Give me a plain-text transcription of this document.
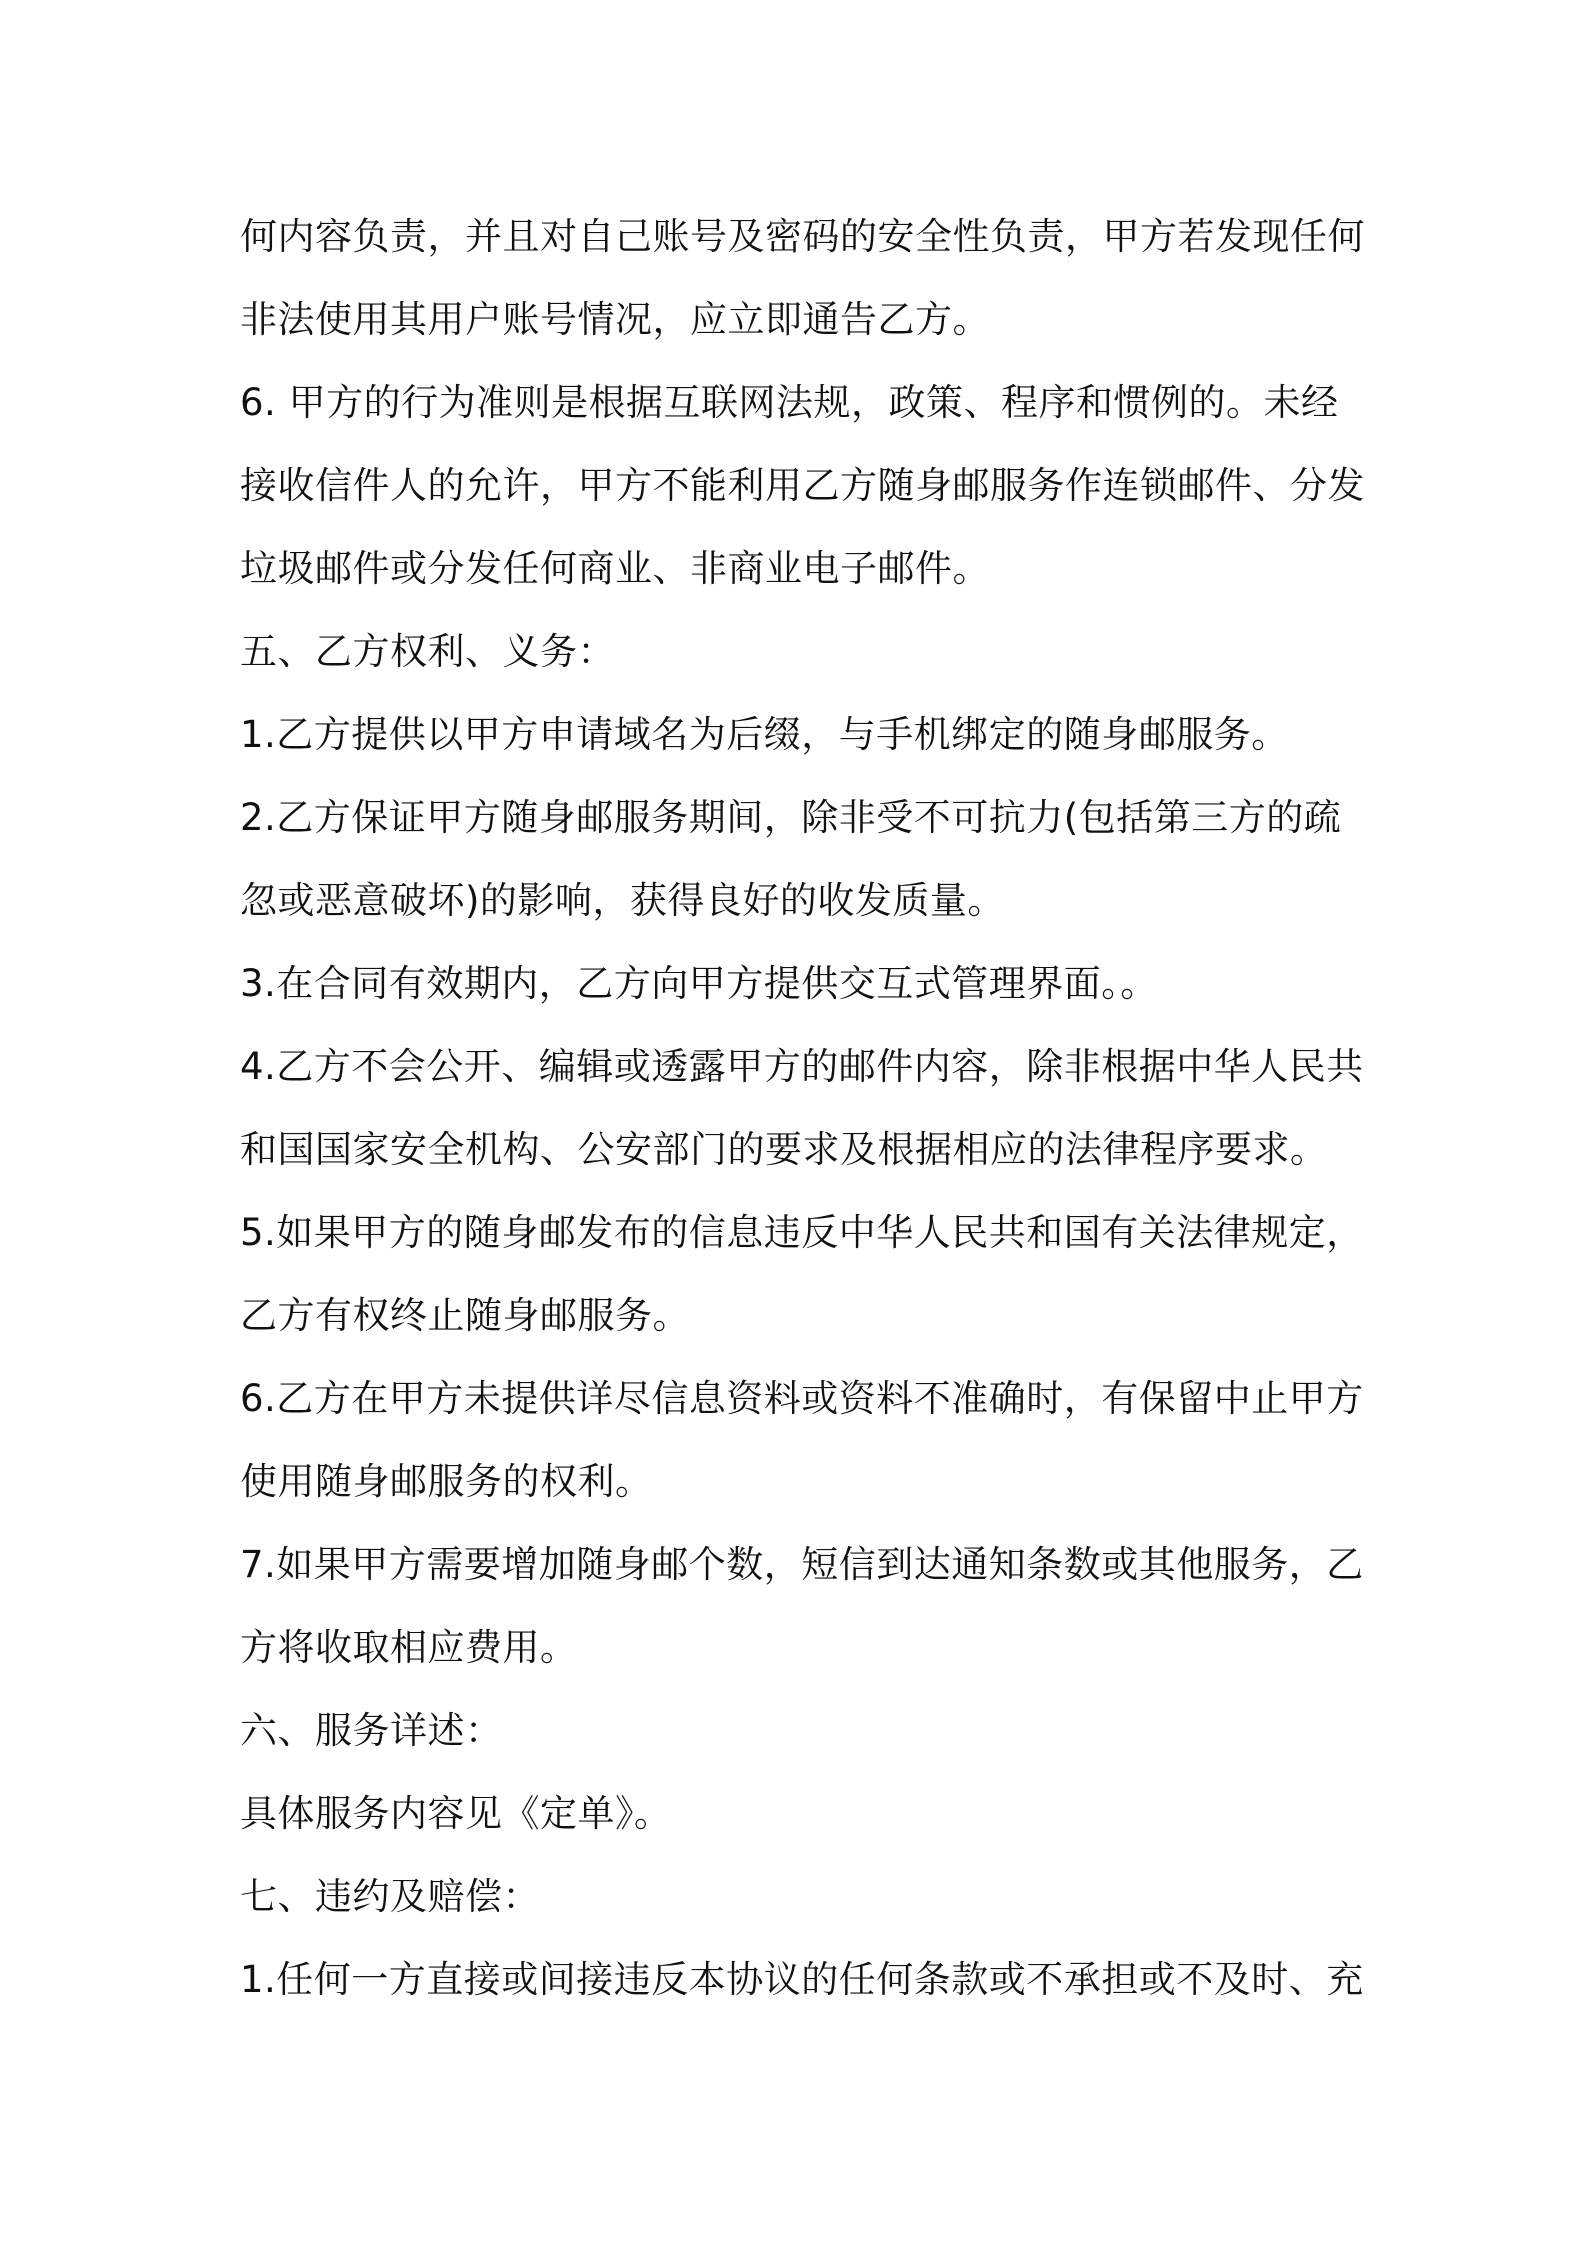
何内容负责，并且对自己账号及密码的安全性负责，甲方若发现任何
非法使用其用户账号情况，应立即通告乙方。
6. 甲方的行为准则是根据互联网法规，政策、程序和惯例的。未经
接收信件人的允许，甲方不能利用乙方随身邮服务作连锁邮件、分发
垃圾邮件或分发任何商业、非商业电子邮件。
五、乙方权利、义务：
1.乙方提供以甲方申请域名为后缀，与手机绑定的随身邮服务。
2.乙方保证甲方随身邮服务期间，除非受不可抗力(包括第三方的疏
忽或恶意破坏)的影响，获得良好的收发质量。
3.在合同有效期内，乙方向甲方提供交互式管理界面。。
4.乙方不会公开、编辑或透露甲方的邮件内容，除非根据中华人民共
和国国家安全机构、公安部门的要求及根据相应的法律程序要求。
5.如果甲方的随身邮发布的信息违反中华人民共和国有关法律规定，
乙方有权终止随身邮服务。
6.乙方在甲方未提供详尽信息资料或资料不准确时，有保留中止甲方
使用随身邮服务的权利。
7.如果甲方需要增加随身邮个数，短信到达通知条数或其他服务，乙
方将收取相应费用。
六、服务详述：
具体服务内容见《定单》。
七、违约及赔偿：
1.任何一方直接或间接违反本协议的任何条款或不承担或不及时、充
